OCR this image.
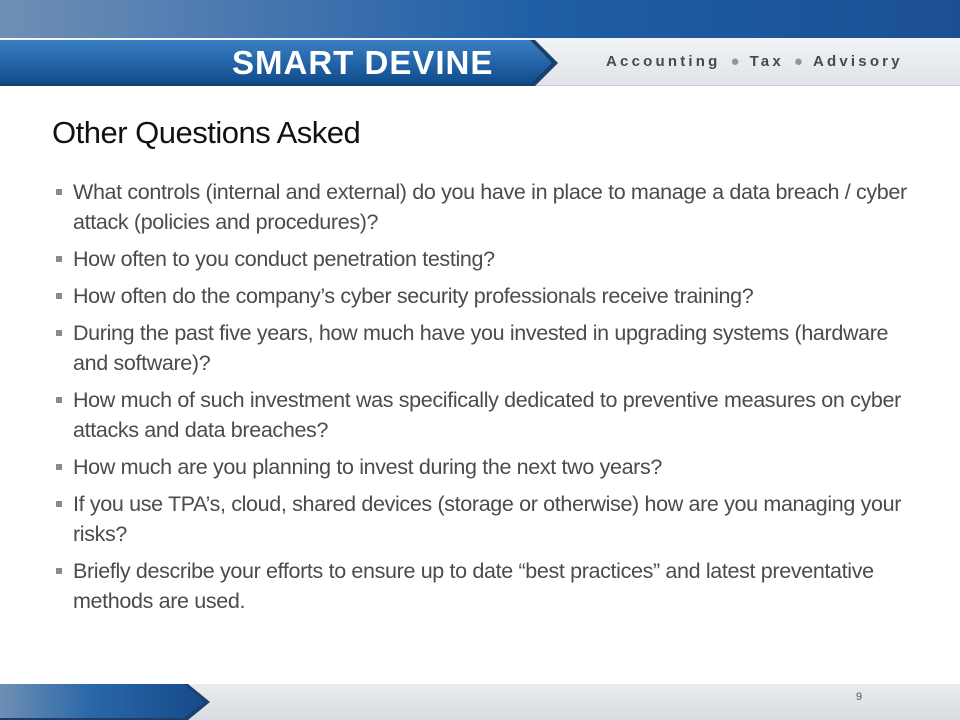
SMART DEVINE	Accounting ● Tax ● Advisory
Other Questions Asked
What controls (internal and external) do you have in place to manage a data breach / cyber attack (policies and procedures)?
How often to you conduct penetration testing?
How often do the company’s cyber security professionals receive training?
During the past five years, how much have you invested in upgrading systems (hardware and software)?
How much of such investment was specifically dedicated to preventive measures on cyber attacks and data breaches?
How much are you planning to invest during the next two years?
If you use TPA’s, cloud, shared devices (storage or otherwise) how are you managing your risks?
Briefly describe your efforts to ensure up to date “best practices” and latest preventative methods are used.
9
